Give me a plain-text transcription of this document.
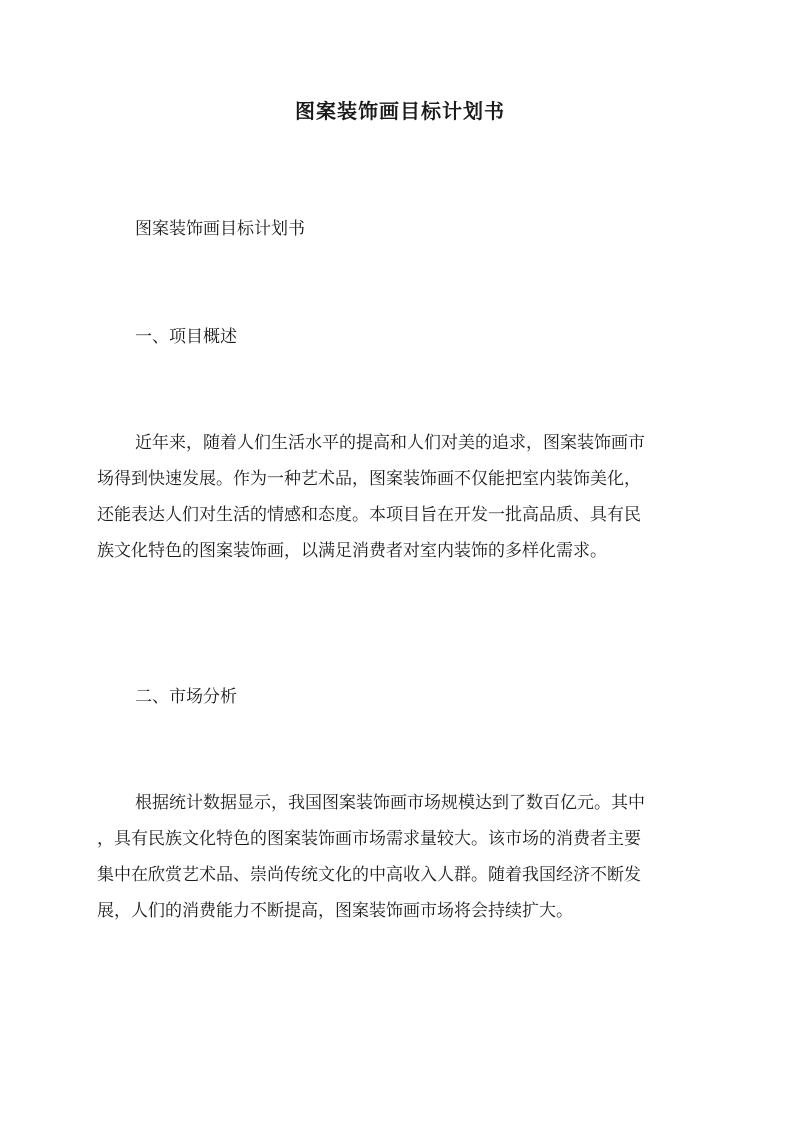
图案装饰画目标计划书
图案装饰画目标计划书
一、项目概述
近年来，随着人们生活水平的提高和人们对美的追求，图案装饰画市
场得到快速发展。作为一种艺术品，图案装饰画不仅能把室内装饰美化，
还能表达人们对生活的情感和态度。本项目旨在开发一批高品质、具有民
族文化特色的图案装饰画，以满足消费者对室内装饰的多样化需求。
二、市场分析
根据统计数据显示，我国图案装饰画市场规模达到了数百亿元。其中
，具有民族文化特色的图案装饰画市场需求量较大。该市场的消费者主要
集中在欣赏艺术品、崇尚传统文化的中高收入人群。随着我国经济不断发
展，人们的消费能力不断提高，图案装饰画市场将会持续扩大。
